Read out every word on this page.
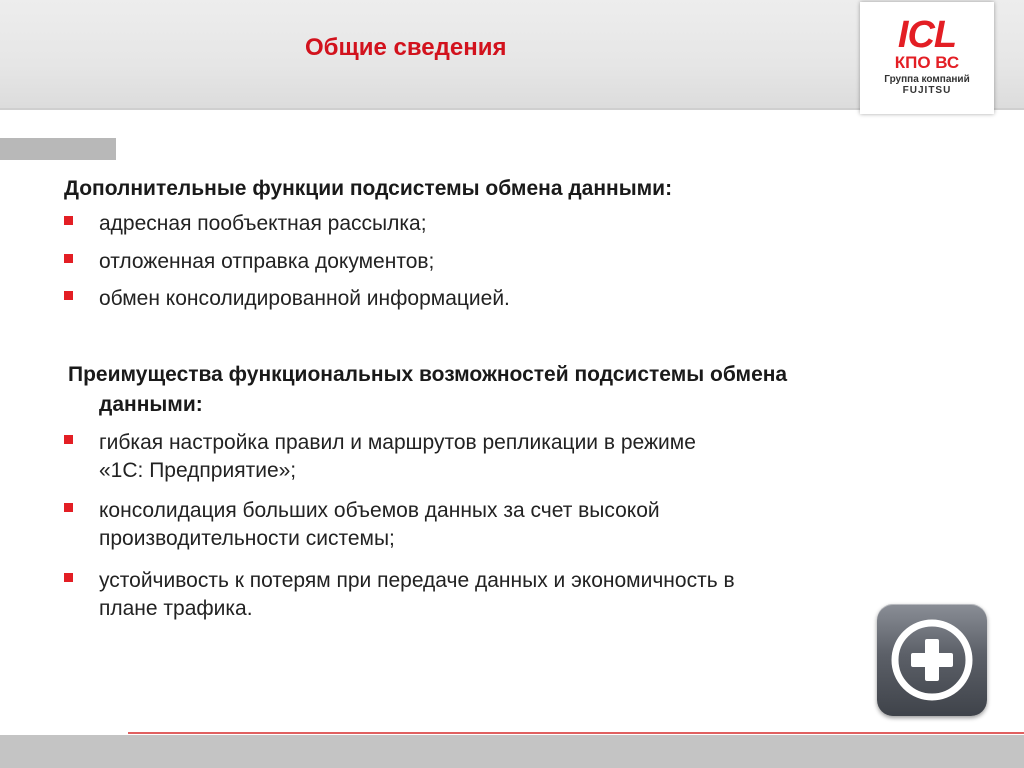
Общие сведения	ICL
КПО ВС
Группа компаний
FUJITSU
Дополнительные функции подсистемы обмена данными:
адресная пообъектная рассылка;
отложенная отправка документов;
обмен консолидированной информацией.
Преимущества функциональных возможностей подсистемы обмена
данными:
гибкая настройка правил и маршрутов репликации в режиме
«1С: Предприятие»;
консолидация больших объемов данных за счет высокой
производительности системы;
устойчивость к потерям при передаче данных и экономичность в
плане трафика.
